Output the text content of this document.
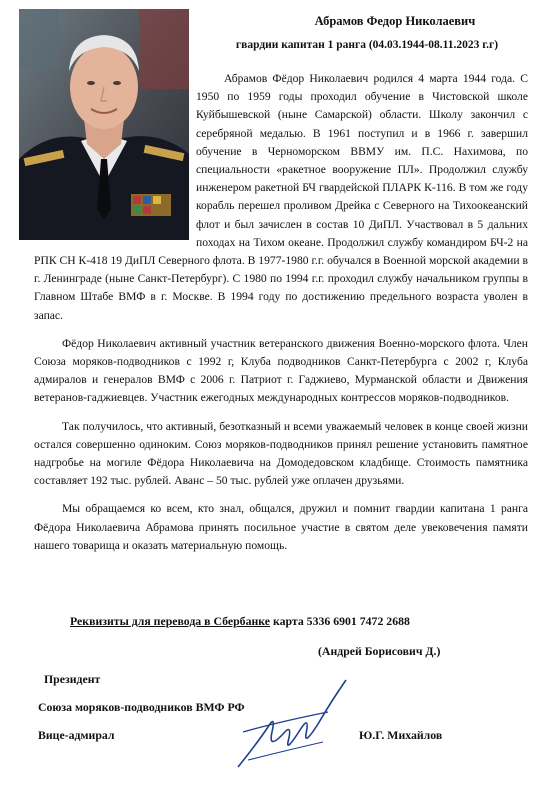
Абрамов Федор Николаевич
гвардии капитан 1 ранга (04.03.1944-08.11.2023 г.г)

Абрамов Фёдор Николаевич родился 4 марта 1944 года. С 1950 по 1959 годы проходил обучение в Чистовской школе Куйбышевской (ныне Самарской) области. Школу закончил с серебряной медалью. В 1961 поступил и в 1966 г. завершил обучение в Черноморском ВВМУ им. П.С. Нахимова, по специальности «ракетное вооружение ПЛ». Продолжил службу инженером ракетной БЧ гвардейской ПЛАРК К-116. В том же году корабль перешел проливом Дрейка с Северного на Тихоокеанский флот и был зачислен в состав 10 ДиПЛ. Участвовал в 5 дальних походах на Тихом океане. Продолжил службу командиром БЧ-2 на РПК СН К-418 19 ДиПЛ Северного флота. В 1977-1980 г.г. обучался в Военной морской академии в г. Ленинграде (ныне Санкт-Петербург). С 1980 по 1994 г.г. проходил службу начальником группы в Главном Штабе ВМФ в г. Москве. В 1994 году по достижению предельного возраста уволен в запас.

Фёдор Николаевич активный участник ветеранского движения Военно-морского флота. Член Союза моряков-подводников с 1992 г, Клуба подводников Санкт-Петербурга с 2002 г, Клуба адмиралов и генералов ВМФ с 2006 г. Патриот г. Гаджиево, Мурманской области и Движения ветеранов-гаджиевцев. Участник ежегодных международных контрессов моряков-подводников.

Так получилось, что активный, безотказный и всеми уважаемый человек в конце своей жизни остался совершенно одиноким. Союз моряков-подводников принял решение установить памятное надгробье на могиле Фёдора Николаевича на Домодедовском кладбище. Стоимость памятника составляет 192 тыс. рублей. Аванс – 50 тыс. рублей уже оплачен друзьями.

Мы обращаемся ко всем, кто знал, общался, дружил и помнит гвардии капитана 1 ранга Фёдора Николаевича Абрамова принять посильное участие в святом деле увековечения памяти нашего товарища и оказать материальную помощь.

Реквизиты для перевода в Сбербанке карта 5336 6901 7472 2688
(Андрей Борисович Д.)
Президент
Союза моряков-подводников ВМФ РФ
Вице-адмирал	Ю.Г. Михайлов
